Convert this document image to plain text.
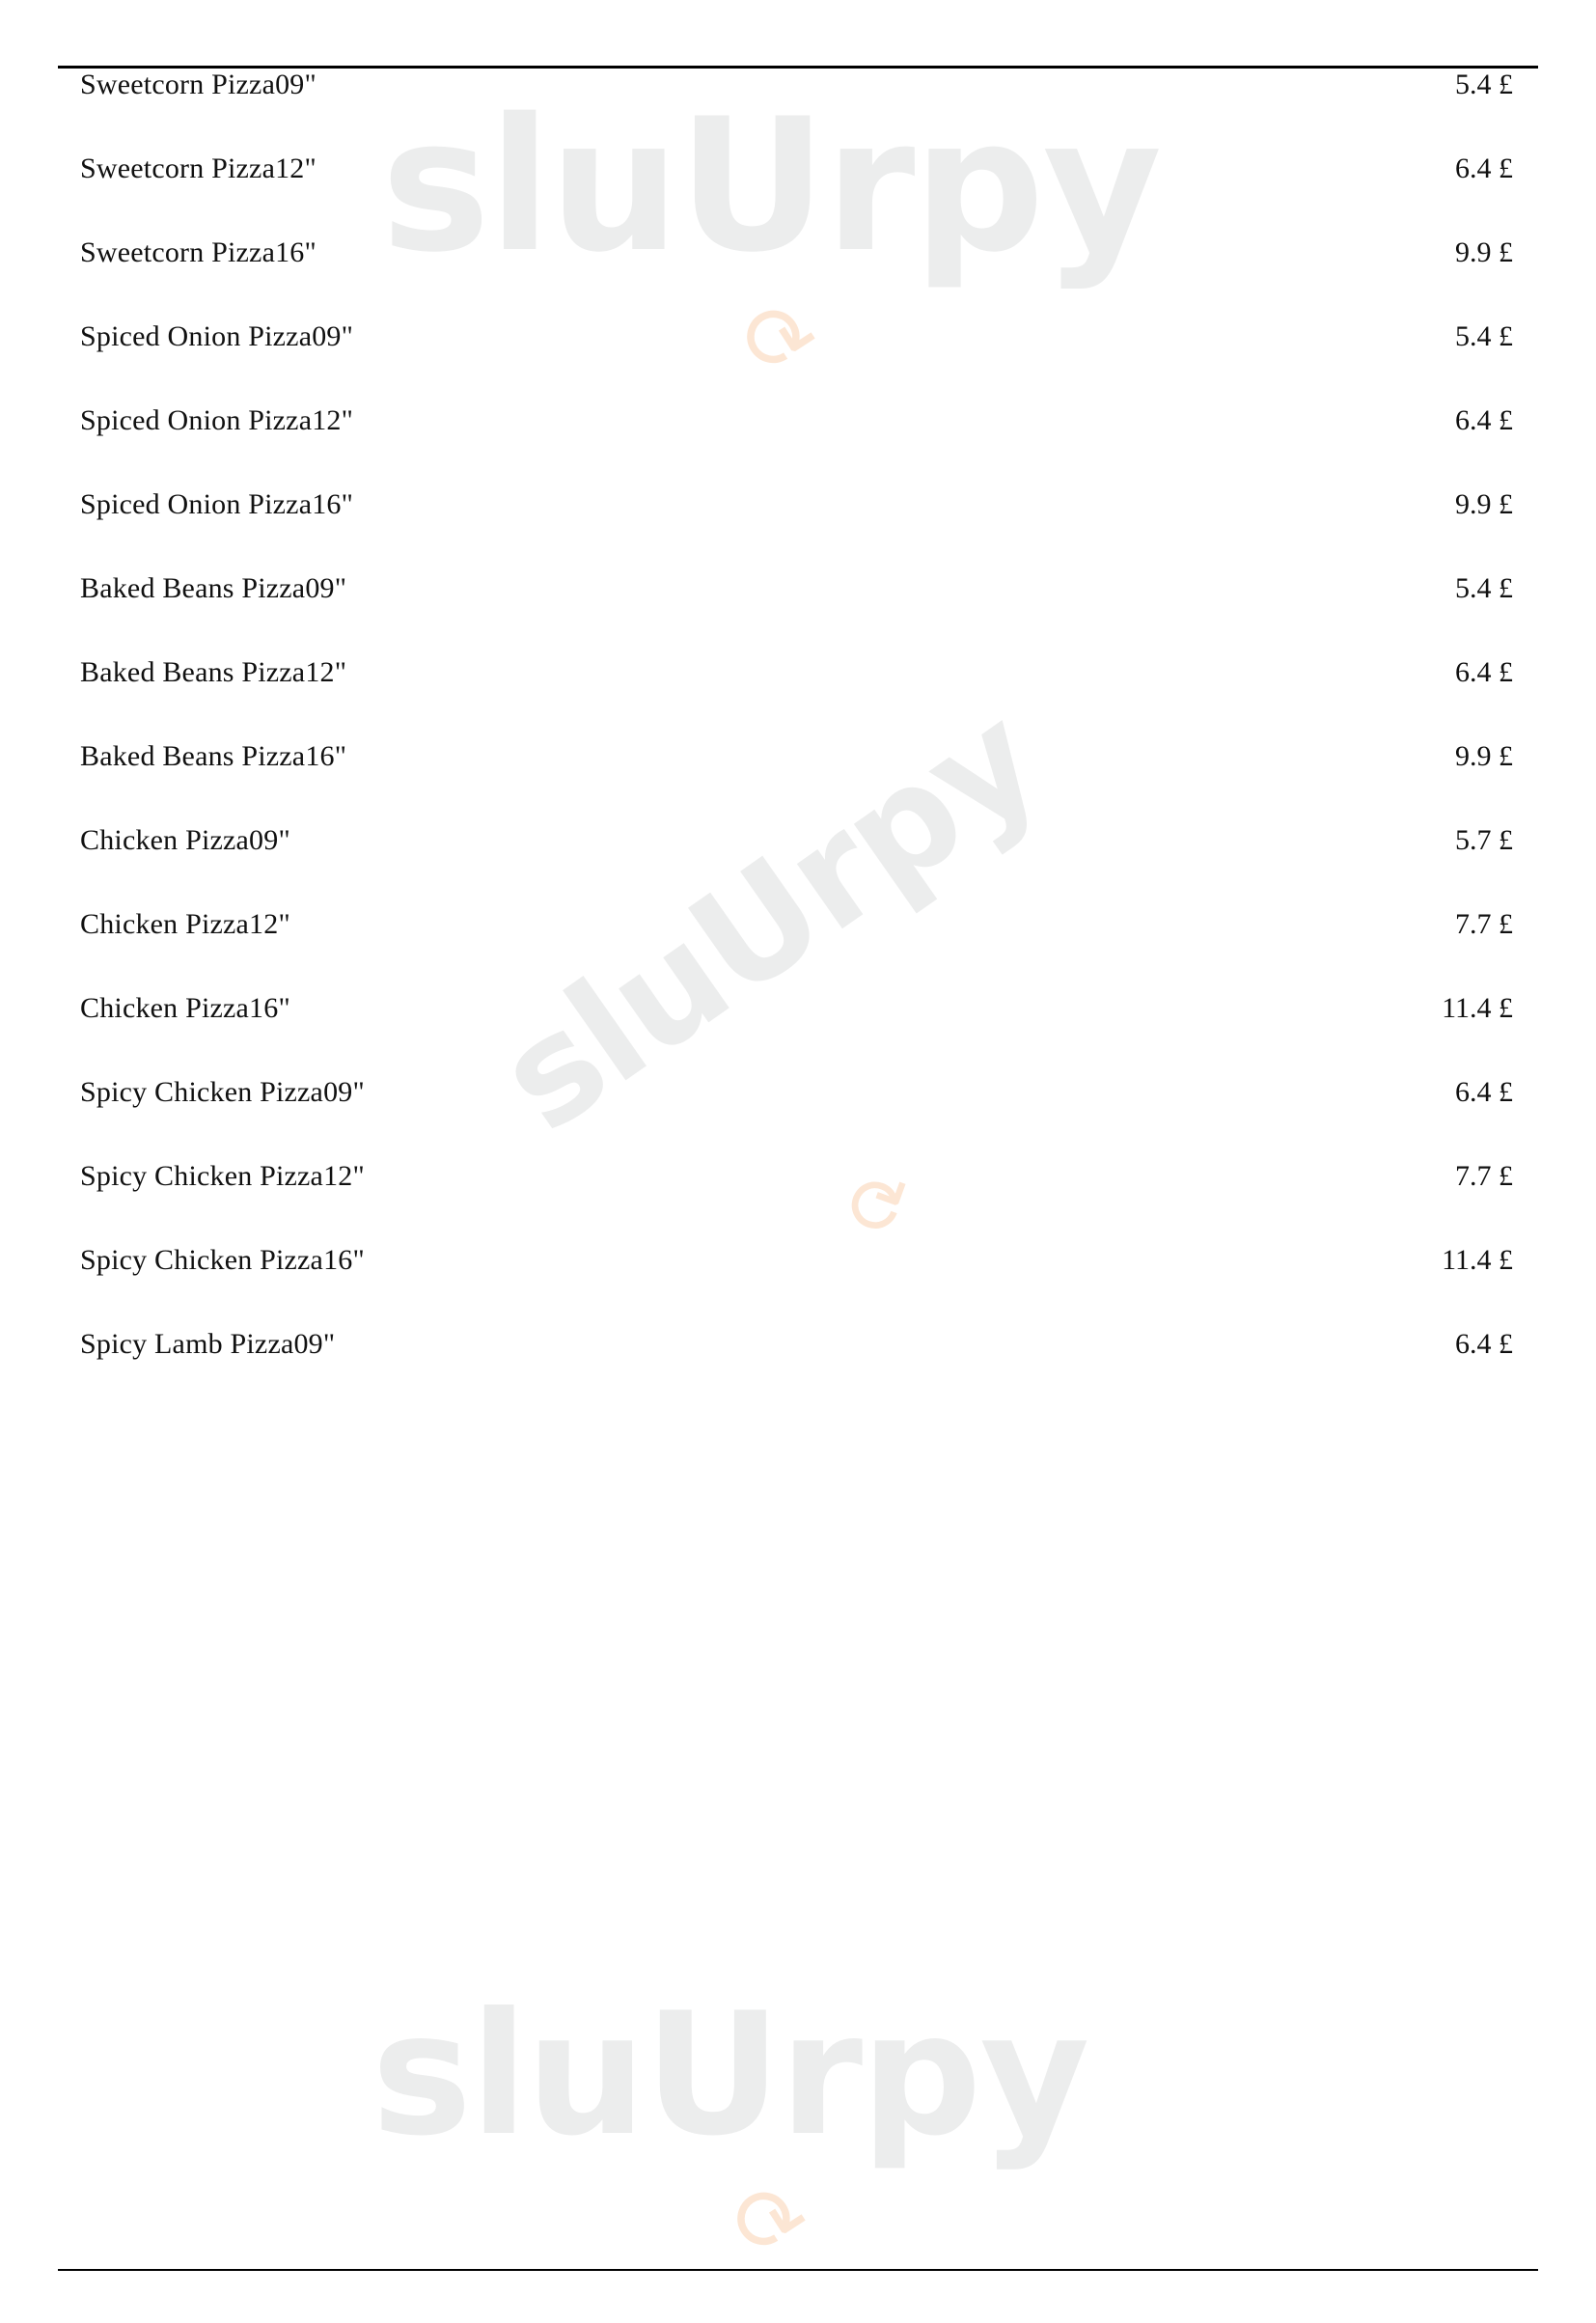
sluUrpy
sluUrpy
sluUrpy
⟳
⟳
⟳
Sweetcorn Pizza09"	5.4 £
Sweetcorn Pizza12"	6.4 £
Sweetcorn Pizza16"	9.9 £
Spiced Onion Pizza09"	5.4 £
Spiced Onion Pizza12"	6.4 £
Spiced Onion Pizza16"	9.9 £
Baked Beans Pizza09"	5.4 £
Baked Beans Pizza12"	6.4 £
Baked Beans Pizza16"	9.9 £
Chicken Pizza09"	5.7 £
Chicken Pizza12"	7.7 £
Chicken Pizza16"	11.4 £
Spicy Chicken Pizza09"	6.4 £
Spicy Chicken Pizza12"	7.7 £
Spicy Chicken Pizza16"	11.4 £
Spicy Lamb Pizza09"	6.4 £
